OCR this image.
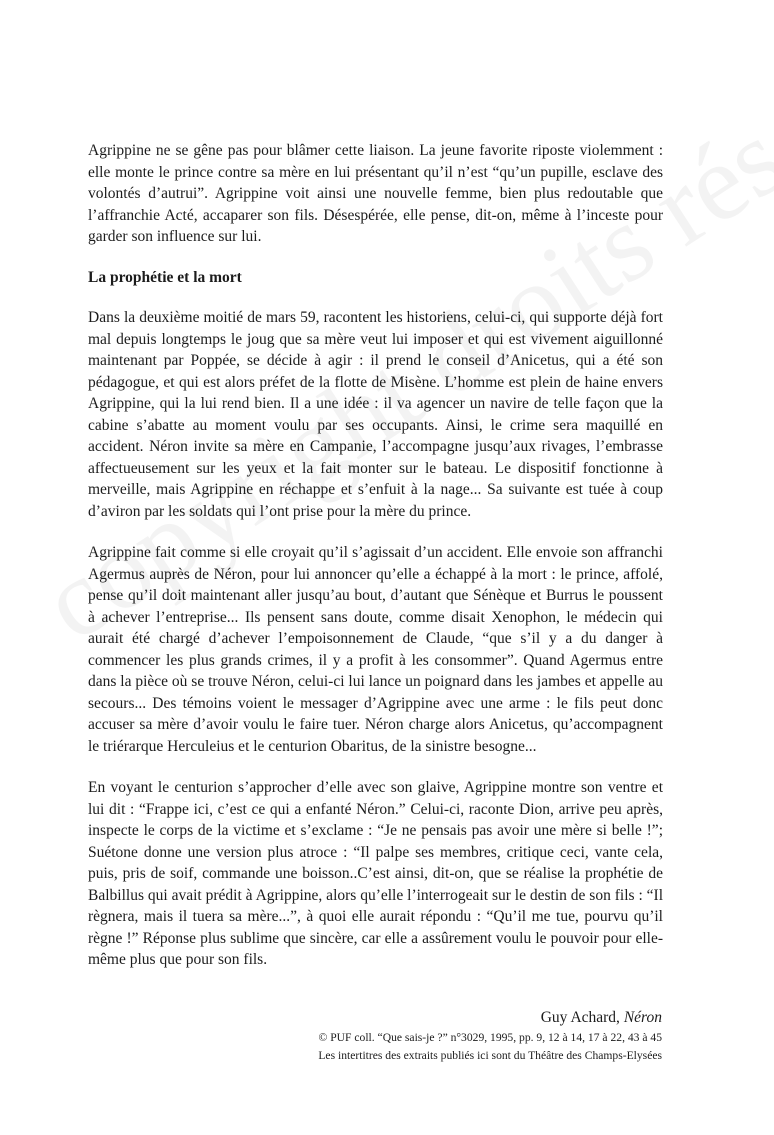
Agrippine ne se gêne pas pour blâmer cette liaison. La jeune favorite riposte violemment : elle monte le prince contre sa mère en lui présentant qu’il n’est “qu’un pupille, esclave des volontés d’autrui”. Agrippine voit ainsi une nouvelle femme, bien plus redoutable que l’affranchie Acté, accaparer son fils. Désespérée, elle pense, dit-on, même à l’inceste pour garder son influence sur lui.

La prophétie et la mort

Dans la deuxième moitié de mars 59, racontent les historiens, celui-ci, qui supporte déjà fort mal depuis longtemps le joug que sa mère veut lui imposer et qui est vivement aiguillonné maintenant par Poppée, se décide à agir : il prend le conseil d’Anicetus, qui a été son pédagogue, et qui est alors préfet de la flotte de Misène. L’homme est plein de haine envers Agrippine, qui la lui rend bien. Il a une idée : il va agencer un navire de telle façon que la cabine s’abatte au moment voulu par ses occupants. Ainsi, le crime sera maquillé en accident. Néron invite sa mère en Campanie, l’accompagne jusqu’aux rivages, l’embrasse affectueusement sur les yeux et la fait monter sur le bateau. Le dispositif fonctionne à merveille, mais Agrippine en réchappe et s’enfuit à la nage... Sa suivante est tuée à coup d’aviron par les soldats qui l’ont prise pour la mère du prince.

Agrippine fait comme si elle croyait qu’il s’agissait d’un accident. Elle envoie son affranchi Agermus auprès de Néron, pour lui annoncer qu’elle a échappé à la mort : le prince, affolé, pense qu’il doit maintenant aller jusqu’au bout, d’autant que Sénèque et Burrus le poussent à achever l’entreprise... Ils pensent sans doute, comme disait Xenophon, le médecin qui aurait été chargé d’achever l’empoisonnement de Claude, “que s’il y a du danger à commencer les plus grands crimes, il y a profit à les consommer”. Quand Agermus entre dans la pièce où se trouve Néron, celui-ci lui lance un poignard dans les jambes et appelle au secours... Des témoins voient le messager d’Agrippine avec une arme : le fils peut donc accuser sa mère d’avoir voulu le faire tuer. Néron charge alors Anicetus, qu’accompagnent le triérarque Herculeius et le centurion Obaritus, de la sinistre besogne...

En voyant le centurion s’approcher d’elle avec son glaive, Agrippine montre son ventre et lui dit : “Frappe ici, c’est ce qui a enfanté Néron.” Celui-ci, raconte Dion, arrive peu après, inspecte le corps de la victime et s’exclame : “Je ne pensais pas avoir une mère si belle !”; Suétone donne une version plus atroce : “Il palpe ses membres, critique ceci, vante cela, puis, pris de soif, commande une boisson..C’est ainsi, dit-on, que se réalise la prophétie de Balbillus qui avait prédit à Agrippine, alors qu’elle l’interrogeait sur le destin de son fils : “Il règnera, mais il tuera sa mère...”, à quoi elle aurait répondu : “Qu’il me tue, pourvu qu’il règne !” Réponse plus sublime que sincère, car elle a assûrement voulu le pouvoir pour elle-même plus que pour son fils.

Guy Achard, Néron
© PUF coll. “Que sais-je ?” n°3029, 1995, pp. 9, 12 à 14, 17 à 22, 43 à 45
Les intertitres des extraits publiés ici sont du Théâtre des Champs-Elysées
